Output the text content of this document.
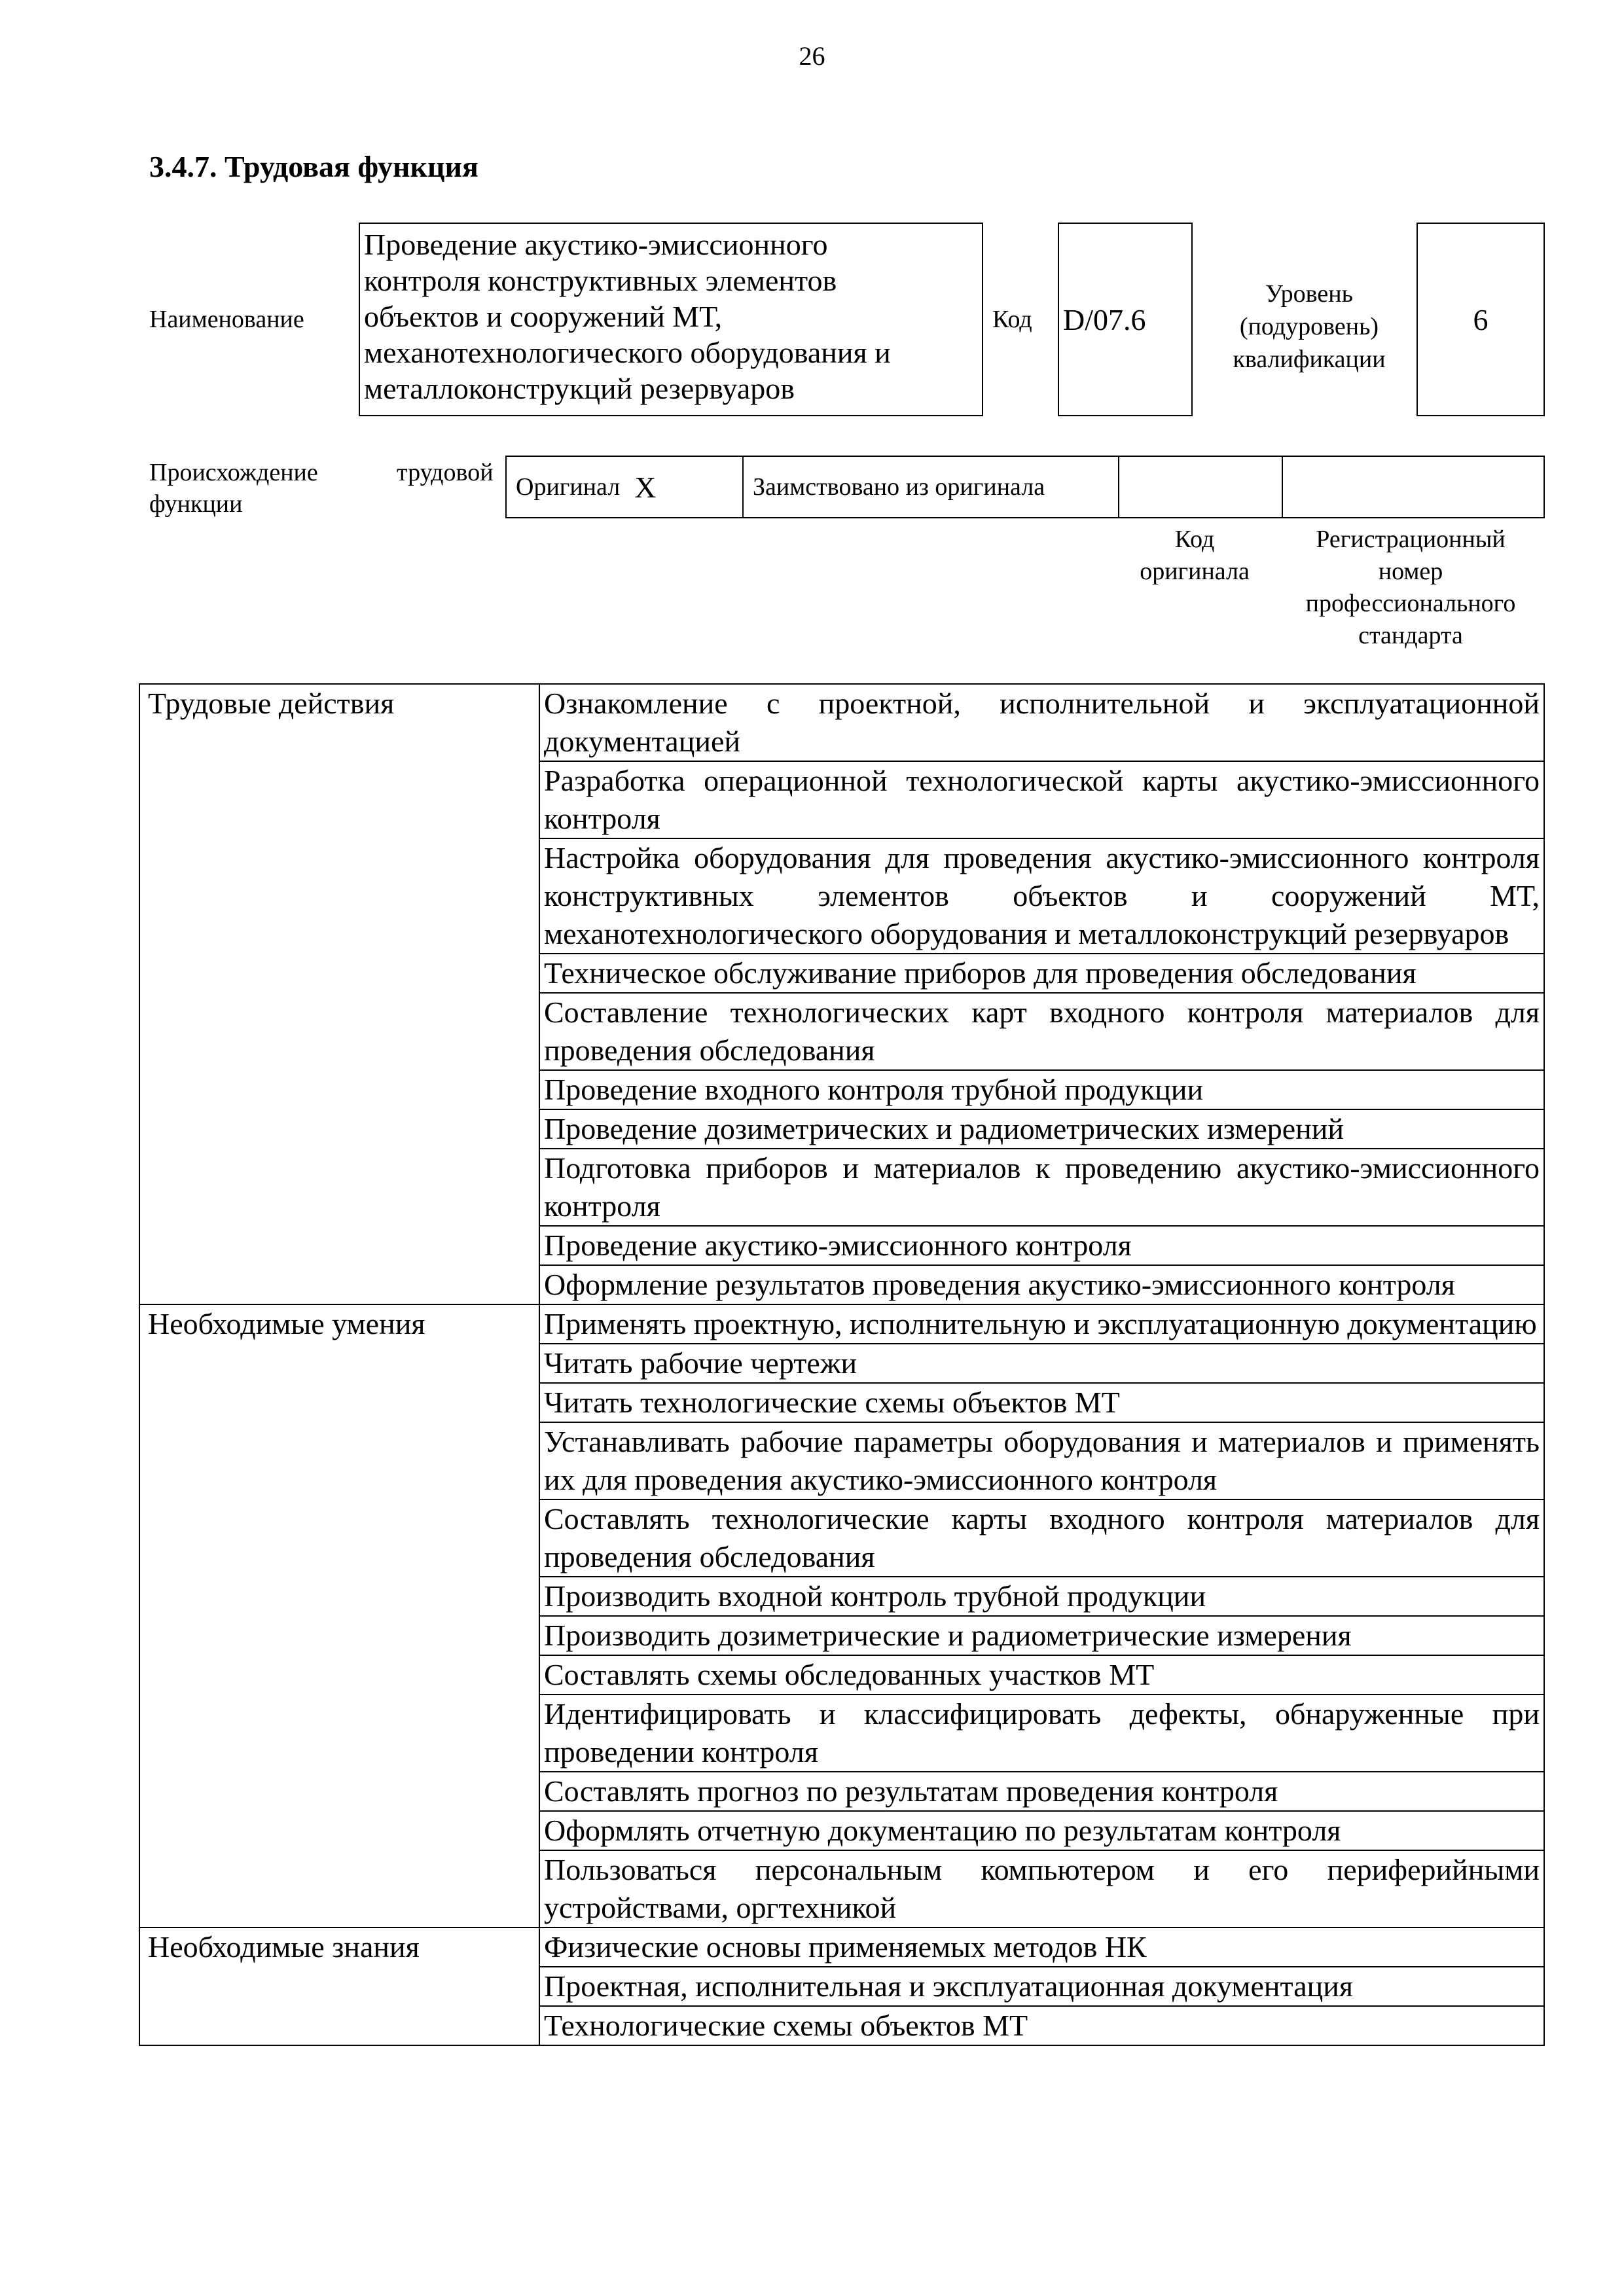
26
3.4.7. Трудовая функция
Наименование
Проведение акустико-эмиссионного
контроля конструктивных элементов
объектов и сооружений МТ,
механотехнологического оборудования и
металлоконструкций резервуаров
Код D/07.6
Уровень
(подуровень)
квалификации
6
Происхождение	трудовой
функции
Оригинал X	Заимствовано из оригинала
Код
оригинала
Регистрационный
номер
профессионального
стандарта
Трудовые действия	Ознакомление с проектной, исполнительной и эксплуатационной документацией
	Разработка операционной технологической карты акустико-эмиссионного контроля
	Настройка оборудования для проведения акустико-эмиссионного контроля конструктивных элементов объектов и сооружений МТ, механотехнологического оборудования и металлоконструкций резервуаров
	Техническое обслуживание приборов для проведения обследования
	Составление технологических карт входного контроля материалов для проведения обследования
	Проведение входного контроля трубной продукции
	Проведение дозиметрических и радиометрических измерений
	Подготовка приборов и материалов к проведению акустико-эмиссионного контроля
	Проведение акустико-эмиссионного контроля
	Оформление результатов проведения акустико-эмиссионного контроля
Необходимые умения	Применять проектную, исполнительную и эксплуатационную документацию
	Читать рабочие чертежи
	Читать технологические схемы объектов МТ
	Устанавливать рабочие параметры оборудования и материалов и применять их для проведения акустико-эмиссионного контроля
	Составлять технологические карты входного контроля материалов для проведения обследования
	Производить входной контроль трубной продукции
	Производить дозиметрические и радиометрические измерения
	Составлять схемы обследованных участков МТ
	Идентифицировать и классифицировать дефекты, обнаруженные при проведении контроля
	Составлять прогноз по результатам проведения контроля
	Оформлять отчетную документацию по результатам контроля
	Пользоваться персональным компьютером и его периферийными устройствами, оргтехникой
Необходимые знания	Физические основы применяемых методов НК
	Проектная, исполнительная и эксплуатационная документация
	Технологические схемы объектов МТ
